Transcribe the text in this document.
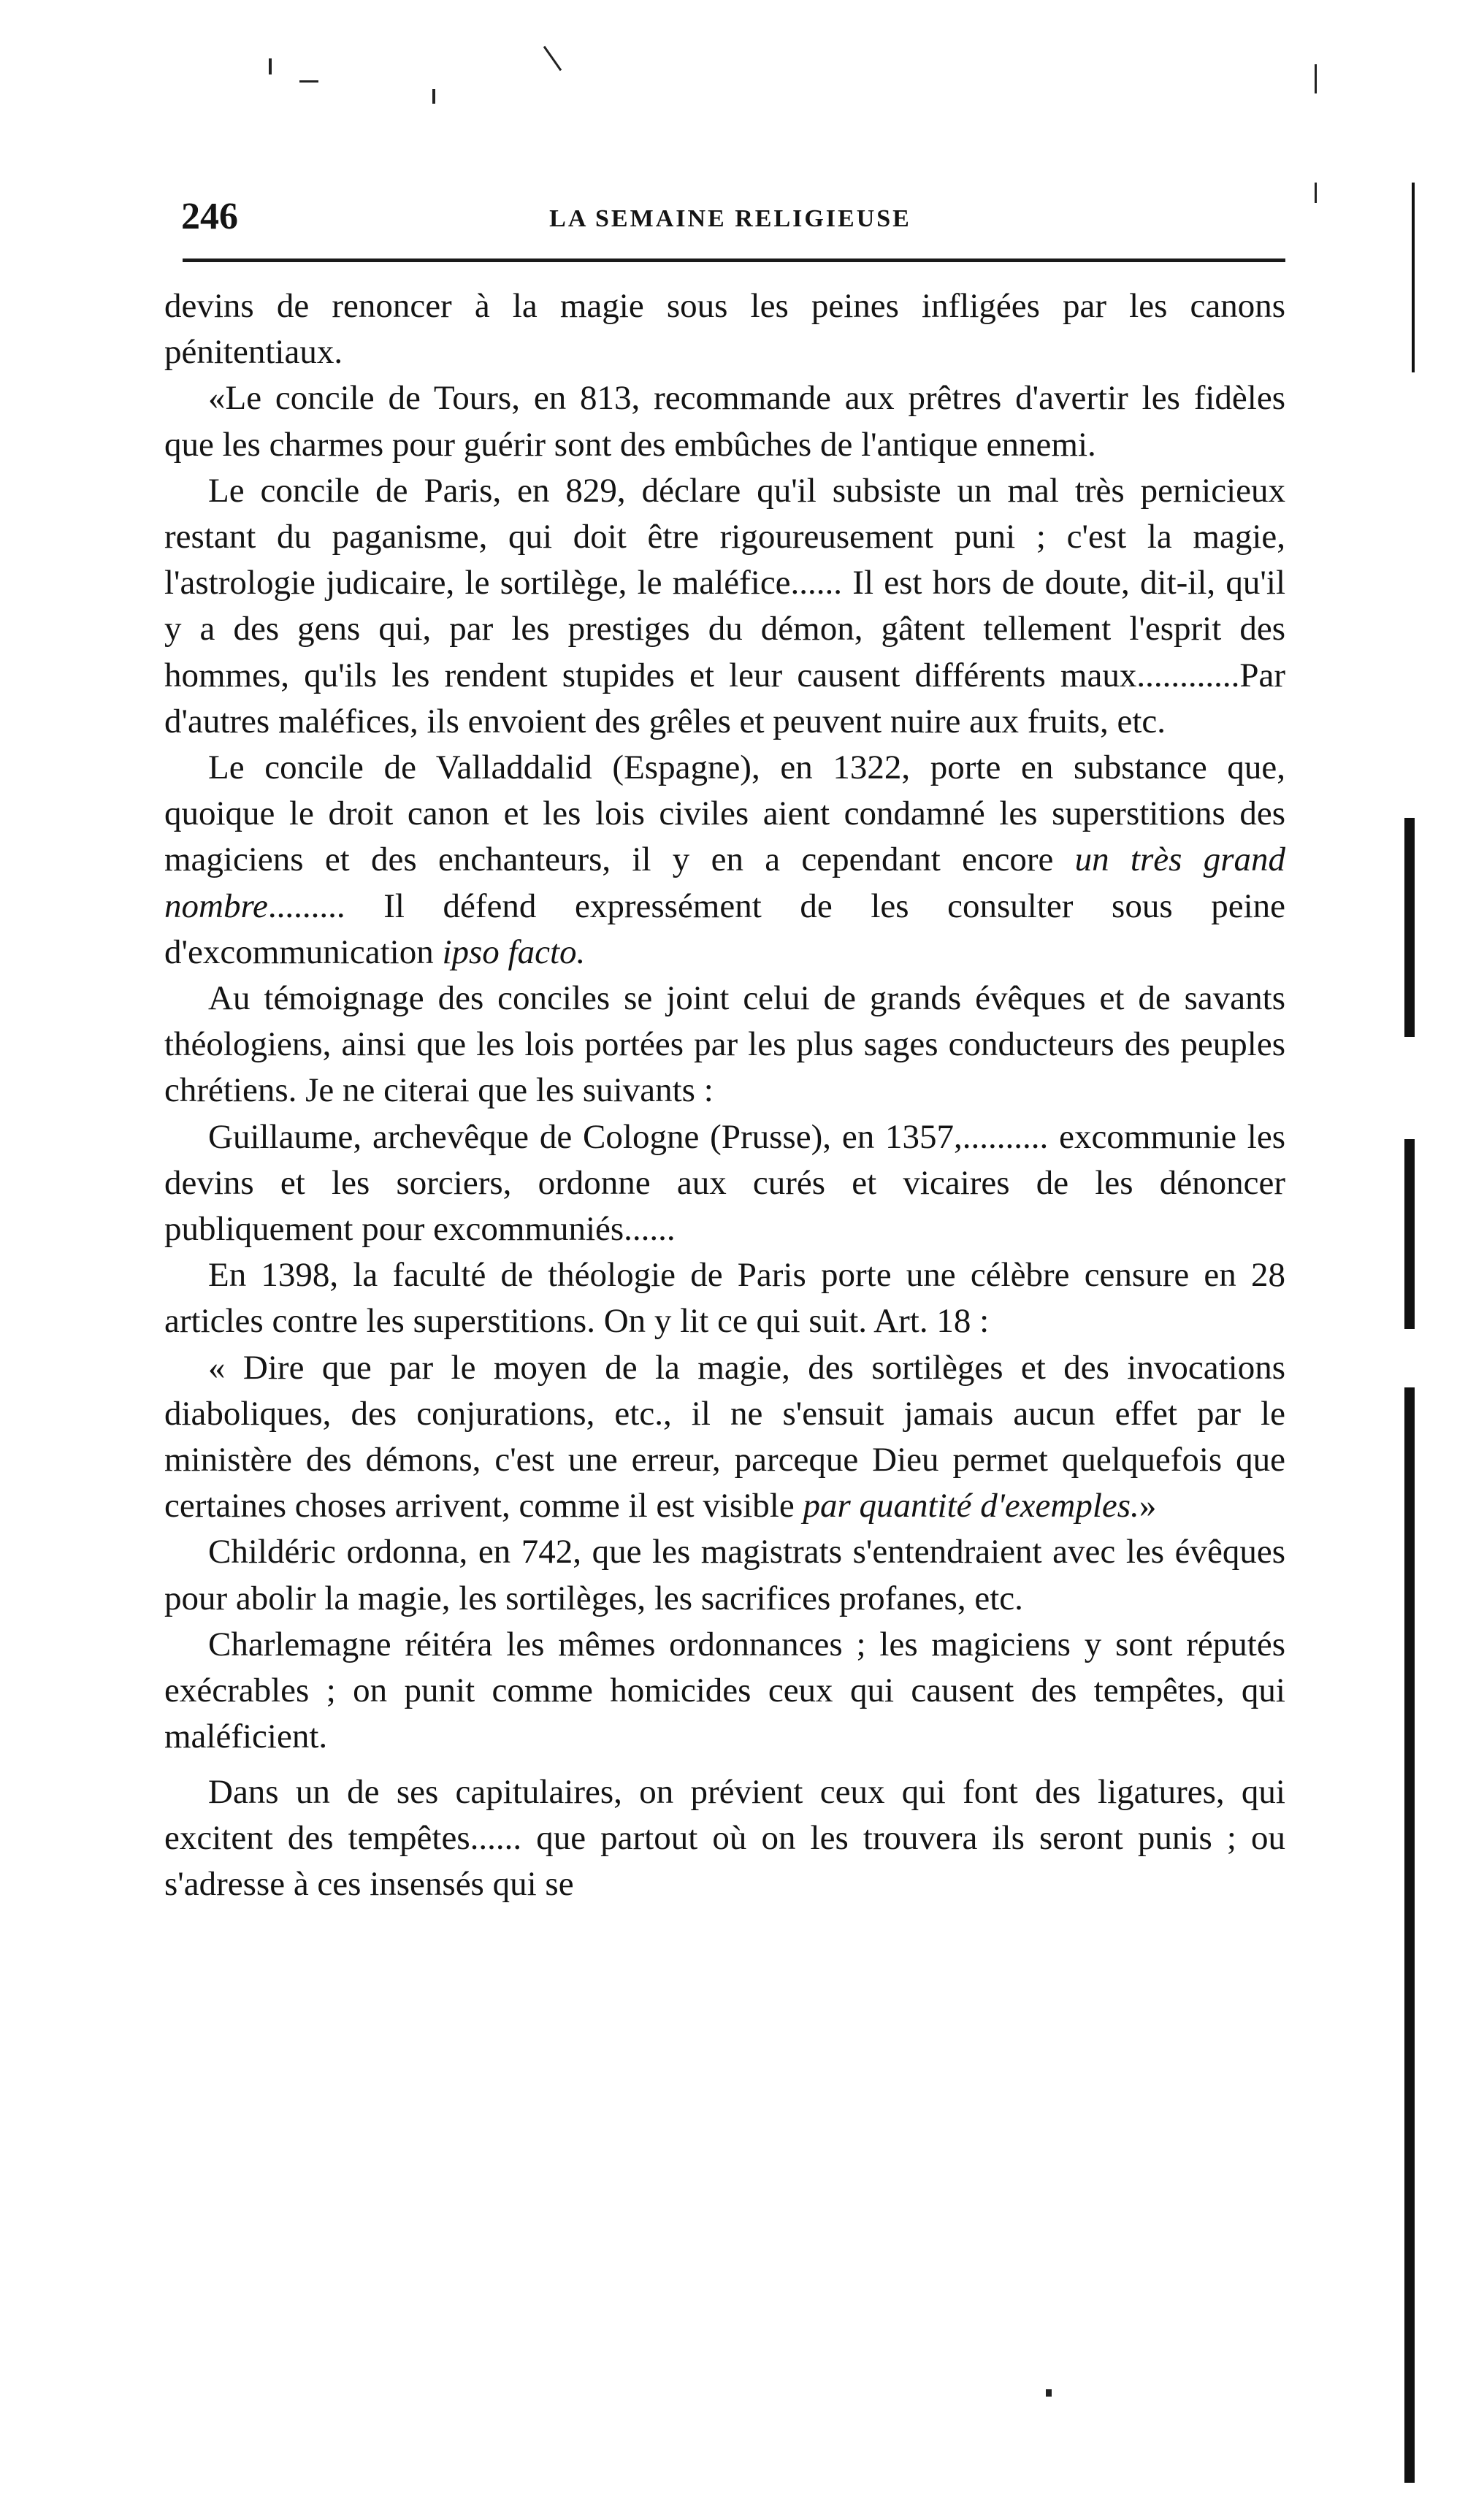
246	LA SEMAINE RELIGIEUSE

devins de renoncer à la magie sous les peines infligées par les canons pénitentiaux.

«Le concile de Tours, en 813, recommande aux prêtres d'avertir les fidèles que les charmes pour guérir sont des embûches de l'antique ennemi.

Le concile de Paris, en 829, déclare qu'il subsiste un mal très pernicieux restant du paganisme, qui doit être rigoureusement puni ; c'est la magie, l'astrologie judicaire, le sortilège, le maléfice...... Il est hors de doute, dit-il, qu'il y a des gens qui, par les prestiges du démon, gâtent tellement l'esprit des hommes, qu'ils les rendent stupides et leur causent différents maux............Par d'autres maléfices, ils envoient des grêles et peuvent nuire aux fruits, etc.

Le concile de Valladdalid (Espagne), en 1322, porte en substance que, quoique le droit canon et les lois civiles aient condamné les superstitions des magiciens et des enchanteurs, il y en a cependant encore un très grand nombre......... Il défend expressément de les consulter sous peine d'excommunication ipso facto.

Au témoignage des conciles se joint celui de grands évêques et de savants théologiens, ainsi que les lois portées par les plus sages conducteurs des peuples chrétiens. Je ne citerai que les suivants :

Guillaume, archevêque de Cologne (Prusse), en 1357,.......... excommunie les devins et les sorciers, ordonne aux curés et vicaires de les dénoncer publiquement pour excommuniés......

En 1398, la faculté de théologie de Paris porte une célèbre censure en 28 articles contre les superstitions. On y lit ce qui suit. Art. 18 :

« Dire que par le moyen de la magie, des sortilèges et des invocations diaboliques, des conjurations, etc., il ne s'ensuit jamais aucun effet par le ministère des démons, c'est une erreur, parceque Dieu permet quelquefois que certaines choses arrivent, comme il est visible par quantité d'exemples.»

Childéric ordonna, en 742, que les magistrats s'entendraient avec les évêques pour abolir la magie, les sortilèges, les sacrifices profanes, etc.

Charlemagne réitéra les mêmes ordonnances ; les magiciens y sont réputés exécrables ; on punit comme homicides ceux qui causent des tempêtes, qui maléficient.

Dans un de ses capitulaires, on prévient ceux qui font des ligatures, qui excitent des tempêtes...... que partout où on les trouvera ils seront punis ; ou s'adresse à ces insensés qui se
